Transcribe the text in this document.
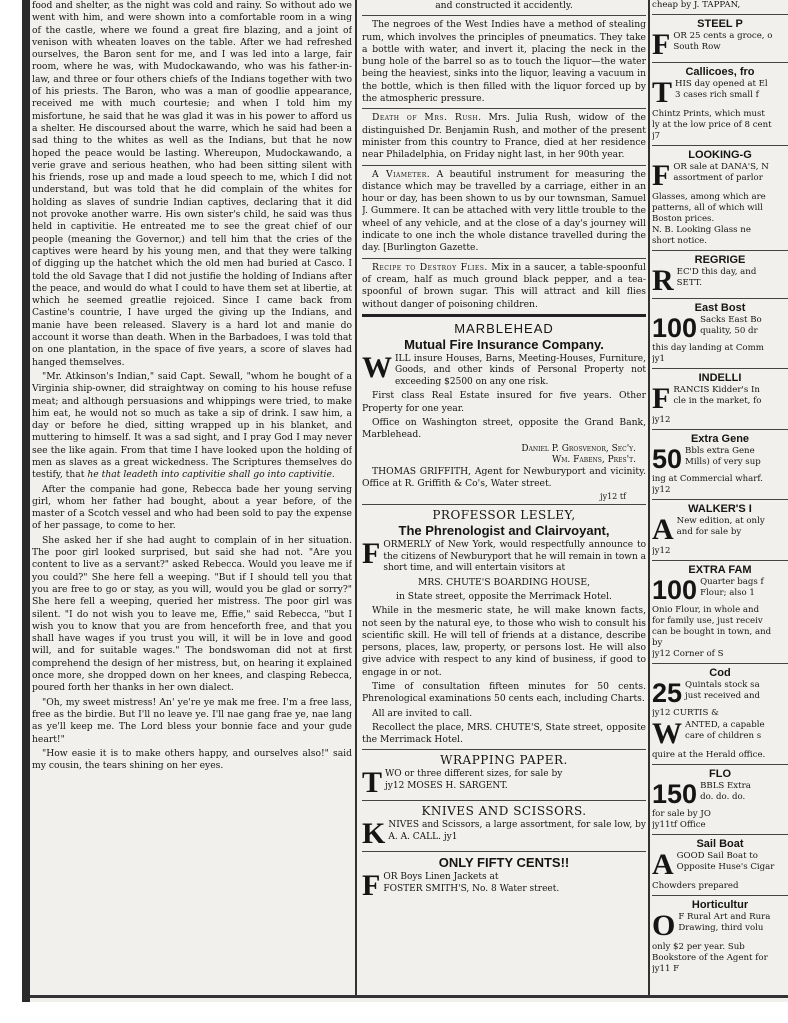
food and shelter, as the night was cold and rainy. So without ado we went with him, and were shown into a comfortable room in a wing of the castle, where we found a great fire blazing, and a joint of venison with wheaten loaves on the table. After we had refreshed ourselves, the Baron sent for me, and I was led into a large, fair room, where he was, with Mudockawando, who was his father-in-law, and three or four others chiefs of the Indians together with two of his priests. The Baron, who was a man of goodlie appearance, received me with much courtesie; and when I told him my misfortune, he said that he was glad it was in his power to afford us a shelter. He discoursed about the warre, which he said had been a sad thing to the whites as well as the Indians, but that he now hoped the peace would be lasting. Whereupon, Mudockawando, a verie grave and serious heathen, who had been sitting silent with his friends, rose up and made a loud speech to me, which I did not understand, but was told that he did complain of the whites for holding as slaves of sundrie Indian captives, declaring that it did not provoke another warre. His own sister's child, he said was thus held in captivitie. He entreated me to see the great chief of our people (meaning the Governor,) and tell him that the cries of the captives were heard by his young men, and that they were talking of digging up the hatchet which the old men had buried at Casco. I told the old Savage that I did not justifie the holding of Indians after the peace, and would do what I could to have them set at libertie, at which he seemed greatlie rejoiced. Since I came back from Castine's countrie, I have urged the giving up the Indians, and manie have been released. Slavery is a hard lot and manie do account it worse than death. When in the Barbadoes, I was told that on one plantation, in the space of five years, a score of slaves had hanged themselves.

"Mr. Atkinson's Indian," said Capt. Sewall, "whom he bought of a Virginia ship-owner, did straightway on coming to his house refuse meat; and although persuasions and whippings were tried, to make him eat, he would not so much as take a sip of drink. I saw him, a day or before he died, sitting wrapped up in his blanket, and muttering to himself. It was a sad sight, and I pray God I may never see the like again. From that time I have looked upon the holding of men as slaves as a great wickedness. The Scriptures themselves do testify, that he that leadeth into captivitie shall go into captivitie.

After the companie had gone, Rebecca bade her young serving girl, whom her father had bought, about a year before, of the master of a Scotch vessel and who had been sold to pay the expense of her passage, to come to her.

She asked her if she had aught to complain of in her situation. The poor girl looked surprised, but said she had not. "Are you content to live as a servant?" asked Rebecca. Would you leave me if you could?" She here fell a weeping. "But if I should tell you that you are free to go or stay, as you will, would you be glad or sorry?" She here fell a weeping, queried her mistress. The poor girl was silent. "I do not wish you to leave me, Effie," said Rebecca, "but I wish you to know that you are from henceforth free, and that you shall have wages if you trust you will, it will be in love and good will, and for suitable wages." The bondswoman did not at first comprehend the design of her mistress, but, on hearing it explained once more, she dropped down on her knees, and clasping Rebecca, poured forth her thanks in her own dialect.

"Oh, my sweet mistress! An' ye're ye mak me free. I'm a free lass, free as the birdie. But I'll no leave ye. I'll nae gang frae ye, nae lang as ye'll keep me. The Lord bless your bonnie face and your gude heart!"

"How easie it is to make others happy, and ourselves also!" said my cousin, the tears shining on her eyes.

and constructed it accidently.

The negroes of the West Indies have a method of stealing rum, which involves the principles of pneumatics. They take a bottle with water, and invert it, placing the neck in the bung hole of the barrel so as to touch the liquor—the water being the heaviest, sinks into the liquor, leaving a vacuum in the bottle, which is then filled with the liquor forced up by the atmospheric pressure.

Death of Mrs. Rush. Mrs. Julia Rush, widow of the distinguished Dr. Benjamin Rush, and mother of the present minister from this country to France, died at her residence near Philadelphia, on Friday night last, in her 90th year.

A Viameter. A beautiful instrument for measuring the distance which may be travelled by a carriage, either in an hour or day, has been shown to us by our townsman, Samuel J. Gummere. It can be attached with very little trouble to the wheel of any vehicle, and at the close of a day's journey will indicate to one inch the whole distance travelled during the day. [Burlington Gazette.

Recipe to Destroy Flies. Mix in a saucer, a table-spoonful of cream, half as much ground black pepper, and a tea-spoonful of brown sugar. This will attract and kill flies without danger of poisoning children.

MARBLEHEAD
Mutual Fire Insurance Company.
W ILL insure Houses, Barns, Meeting-Houses, Furniture, Goods, and other kinds of Personal Property not exceeding $2500 on any one risk.

First class Real Estate insured for five years. Other Property for one year.

Office on Washington street, opposite the Grand Bank, Marblehead.

Daniel P. Grosvenor, Sec'y.
Wm. Fabens, Pres't.

THOMAS GRIFFITH, Agent for Newburyport and vicinity. Office at R. Griffith & Co's, Water street.

jy12 tf
PROFESSOR LESLEY,
The Phrenologist and Clairvoyant,
F ORMERLY of New York, would respectfully announce to the citizens of Newburyport that he will remain in town a short time, and will entertain visitors at

MRS. CHUTE'S BOARDING HOUSE,

in State street, opposite the Merrimack Hotel.

While in the mesmeric state, he will make known facts, not seen by the natural eye, to those who wish to consult his scientific skill. He will tell of friends at a distance, describe persons, places, law, property, or persons lost. He will also give advice with respect to any kind of business, if good to engage in or not.

Time of consultation fifteen minutes for 50 cents. Phrenological examinations 50 cents each, including Charts.

All are invited to call.

Recollect the place, MRS. CHUTE'S, State street, opposite the Merrimack Hotel.

WRAPPING PAPER.
T WO or three different sizes, for sale by

jy12 MOSES H. SARGENT.

KNIVES AND SCISSORS.
K NIVES and Scissors, a large assortment, for sale low, by A. A. CALL. jy1

ONLY FIFTY CENTS!!
F OR Boys Linen Jackets at

FOSTER SMITH'S, No. 8 Water street.

cheap by J. TAPPAN,

STEEL P
F OR 25 cents a groce, o

South Row

Callicoes, fro
T HIS day opened at El

3 cases rich small f

Chintz Prints, which must

ly at the low price of 8 cent

j7

LOOKING-G
F OR sale at DANA'S, N

assortment of parlor

Glasses, among which are

patterns, all of which will

Boston prices.

N. B. Looking Glass ne

short notice.

REGRIGE
R EC'D this day, and

SETT.

East Bost
100 Sacks East Bo

quality, 50 dr

this day landing at Comm

jy1

INDELLI
F RANCIS Kidder's In

cle in the market, fo

jy12

Extra Gene
50 Bbls extra Gene

Mills) of very sup

ing at Commercial wharf.

jy12

WALKER'S I
A New edition, at only

and for sale by

jy12

EXTRA FAM
100 Quarter bags f

Flour; also 1

Onio Flour, in whole and

for family use, just receiv

can be bought in town, and

by

jy12 Corner of S

Cod
25 Quintals stock sa

just received and

jy12 CURTIS &

W ANTED, a capable

care of children s

quire at the Herald office.

FLO
150 BBLS Extra

do. do. do.

for sale by JO

jy11tf Office

Sail Boat
A GOOD Sail Boat to

Opposite Huse's Cigar

Chowders prepared

Horticultur
O F Rural Art and Rura

Drawing, third volu

only $2 per year. Sub

Bookstore of the Agent for

jy11 F
